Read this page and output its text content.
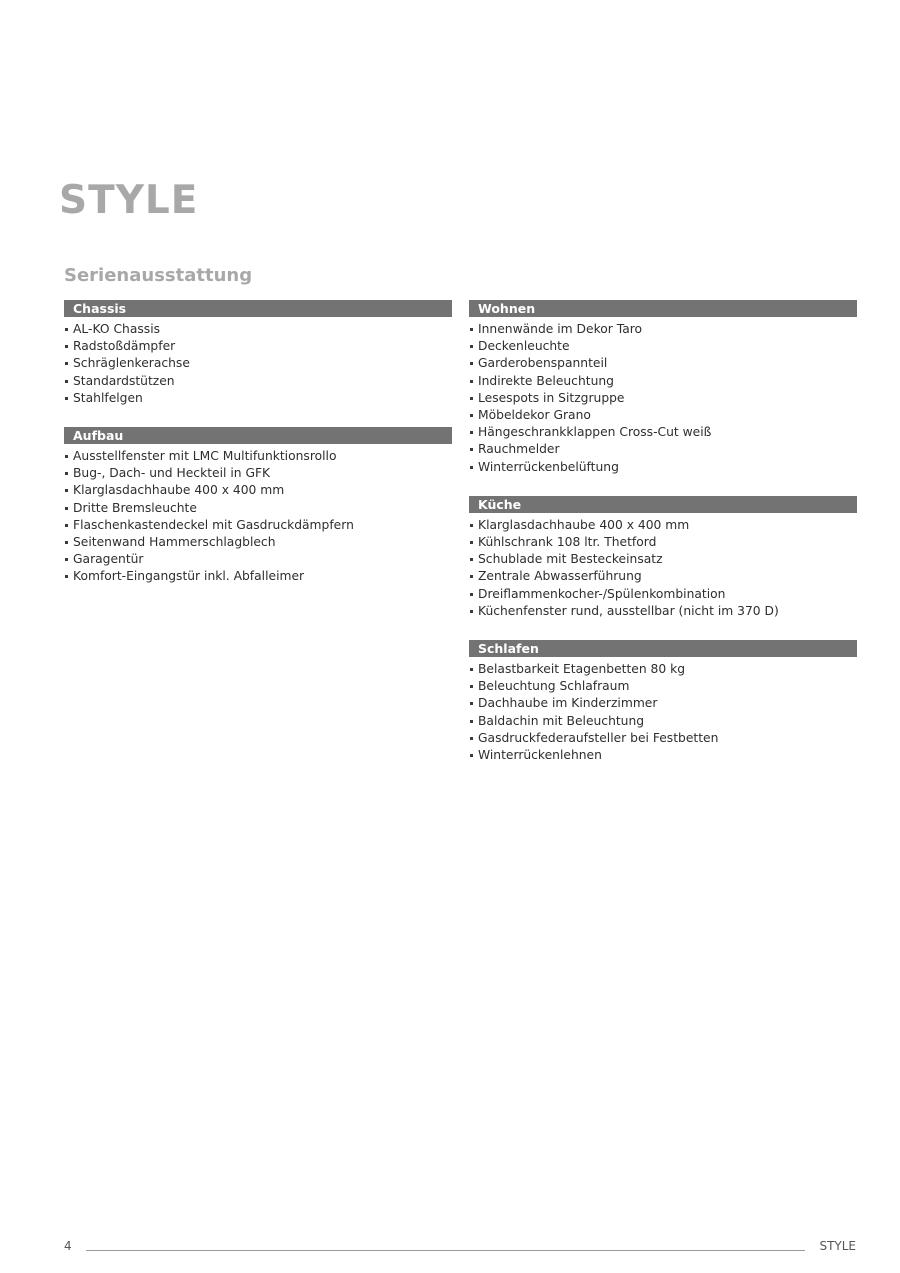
STYLE
Serienausstattung
Chassis
AL-KO Chassis
Radstoßdämpfer
Schräglenkerachse
Standardstützen
Stahlfelgen
Aufbau
Ausstellfenster mit LMC Multifunktionsrollo
Bug-, Dach- und Heckteil in GFK
Klarglasdachhaube 400 x 400 mm
Dritte Bremsleuchte
Flaschenkastendeckel mit Gasdruckdämpfern
Seitenwand Hammerschlagblech
Garagentür
Komfort-Eingangstür inkl. Abfalleimer
Wohnen
Innenwände im Dekor Taro
Deckenleuchte
Garderobenspannteil
Indirekte Beleuchtung
Lesespots in Sitzgruppe
Möbeldekor Grano
Hängeschrankklappen Cross-Cut weiß
Rauchmelder
Winterrückenbelüftung
Küche
Klarglasdachhaube 400 x 400 mm
Kühlschrank 108 ltr. Thetford
Schublade mit Besteckeinsatz
Zentrale Abwasserführung
Dreiflammenkocher-/Spülenkombination
Küchenfenster rund, ausstellbar (nicht im 370 D)
Schlafen
Belastbarkeit Etagenbetten 80 kg
Beleuchtung Schlafraum
Dachhaube im Kinderzimmer
Baldachin mit Beleuchtung
Gasdruckfederaufsteller bei Festbetten
Winterrückenlehnen
4	STYLE
